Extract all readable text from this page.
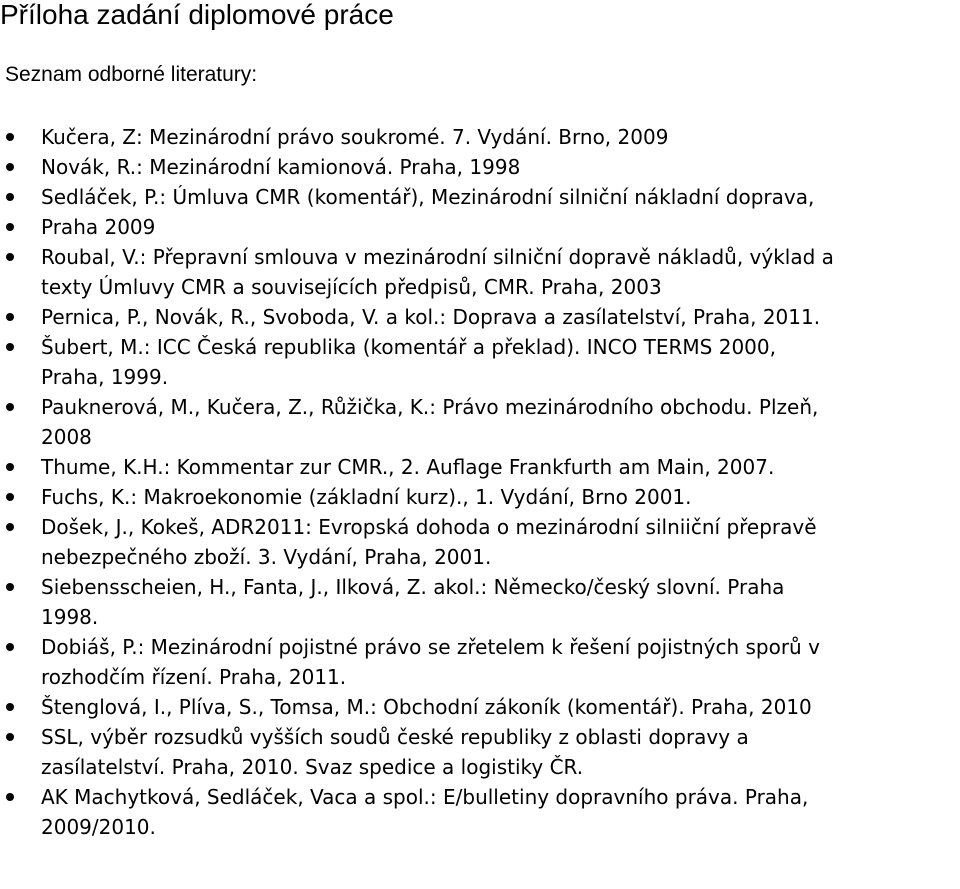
Příloha zadání diplomové práce
Seznam odborné literatury:
Kučera, Z: Mezinárodní právo soukromé. 7. Vydání. Brno, 2009
Novák, R.: Mezinárodní kamionová. Praha, 1998
Sedláček, P.: Úmluva CMR (komentář), Mezinárodní silniční nákladní doprava,
Praha 2009
Roubal, V.: Přepravní smlouva v mezinárodní silniční dopravě nákladů, výklad a
texty Úmluvy CMR a souvisejících předpisů, CMR. Praha, 2003
Pernica, P., Novák, R., Svoboda, V. a kol.: Doprava a zasílatelství, Praha, 2011.
Šubert, M.: ICC Česká republika (komentář a překlad). INCO TERMS 2000,
Praha, 1999.
Pauknerová, M., Kučera, Z., Růžička, K.: Právo mezinárodního obchodu. Plzeň,
2008
Thume, K.H.: Kommentar zur CMR., 2. Auflage Frankfurth am Main, 2007.
Fuchs, K.: Makroekonomie (základní kurz)., 1. Vydání, Brno 2001.
Došek, J., Kokeš, ADR2011: Evropská dohoda o mezinárodní silniiční přepravě
nebezpečného zboží. 3. Vydání, Praha, 2001.
Siebensscheien, H., Fanta, J., Ilková, Z. akol.: Německo/český slovní. Praha
1998.
Dobiáš, P.: Mezinárodní pojistné právo se zřetelem k řešení pojistných sporů v
rozhodčím řízení. Praha, 2011.
Štenglová, I., Plíva, S., Tomsa, M.: Obchodní zákoník (komentář). Praha, 2010
SSL, výběr rozsudků vyšších soudů české republiky z oblasti dopravy a
zasílatelství. Praha, 2010. Svaz spedice a logistiky ČR.
AK Machytková, Sedláček, Vaca a spol.: E/bulletiny dopravního práva. Praha,
2009/2010.
